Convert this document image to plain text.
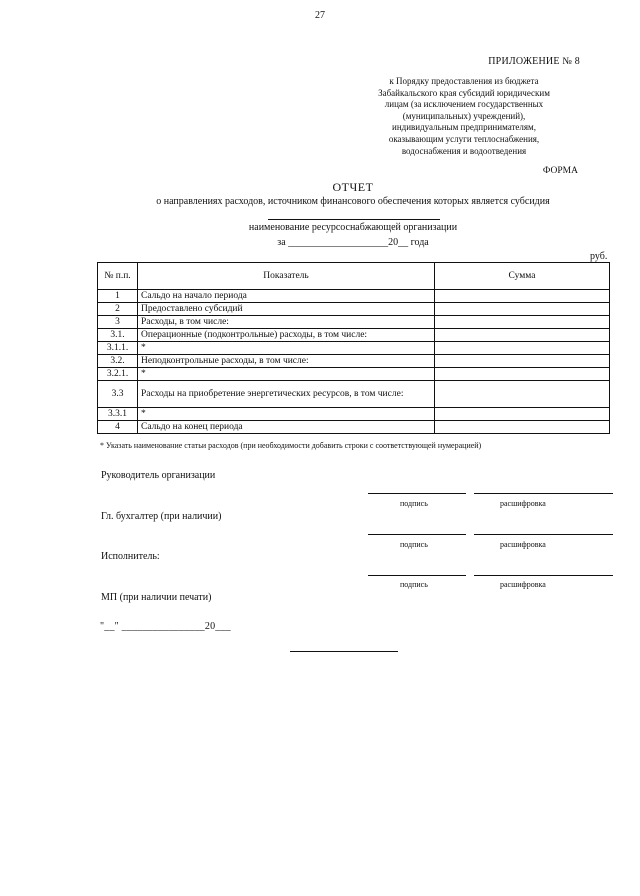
27
ПРИЛОЖЕНИЕ № 8
к Порядку предоставления из бюджета
Забайкальского края субсидий юридическим
лицам (за исключением государственных
(муниципальных) учреждений),
индивидуальным предпринимателям,
оказывающим услуги теплоснабжения,
водоснабжения и водоотведения
ФОРМА
ОТЧЕТ
о направлениях расходов, источником финансового обеспечения которых является субсидия
наименование ресурсоснабжающей организации
за ____________________20__ года
руб.
№ п.п.	Показатель	Сумма
1	Сальдо на начало периода	
2	Предоставлено субсидий	
3	Расходы, в том числе:	
3.1.	Операционные (подконтрольные) расходы, в том числе:	
3.1.1.	*	
3.2.	Неподконтрольные расходы, в том числе:	
3.2.1.	*	
3.3	Расходы на приобретение энергетических ресурсов, в том числе:	
3.3.1	*	
4	Сальдо на конец периода	
* Указать наименование статьи расходов (при необходимости добавить строки с соответствующей нумерацией)
Руководитель организации
подпись	расшифровка
Гл. бухгалтер (при наличии)
подпись	расшифровка
Исполнитель:
подпись	расшифровка
МП (при наличии печати)
"__" ________________20___
